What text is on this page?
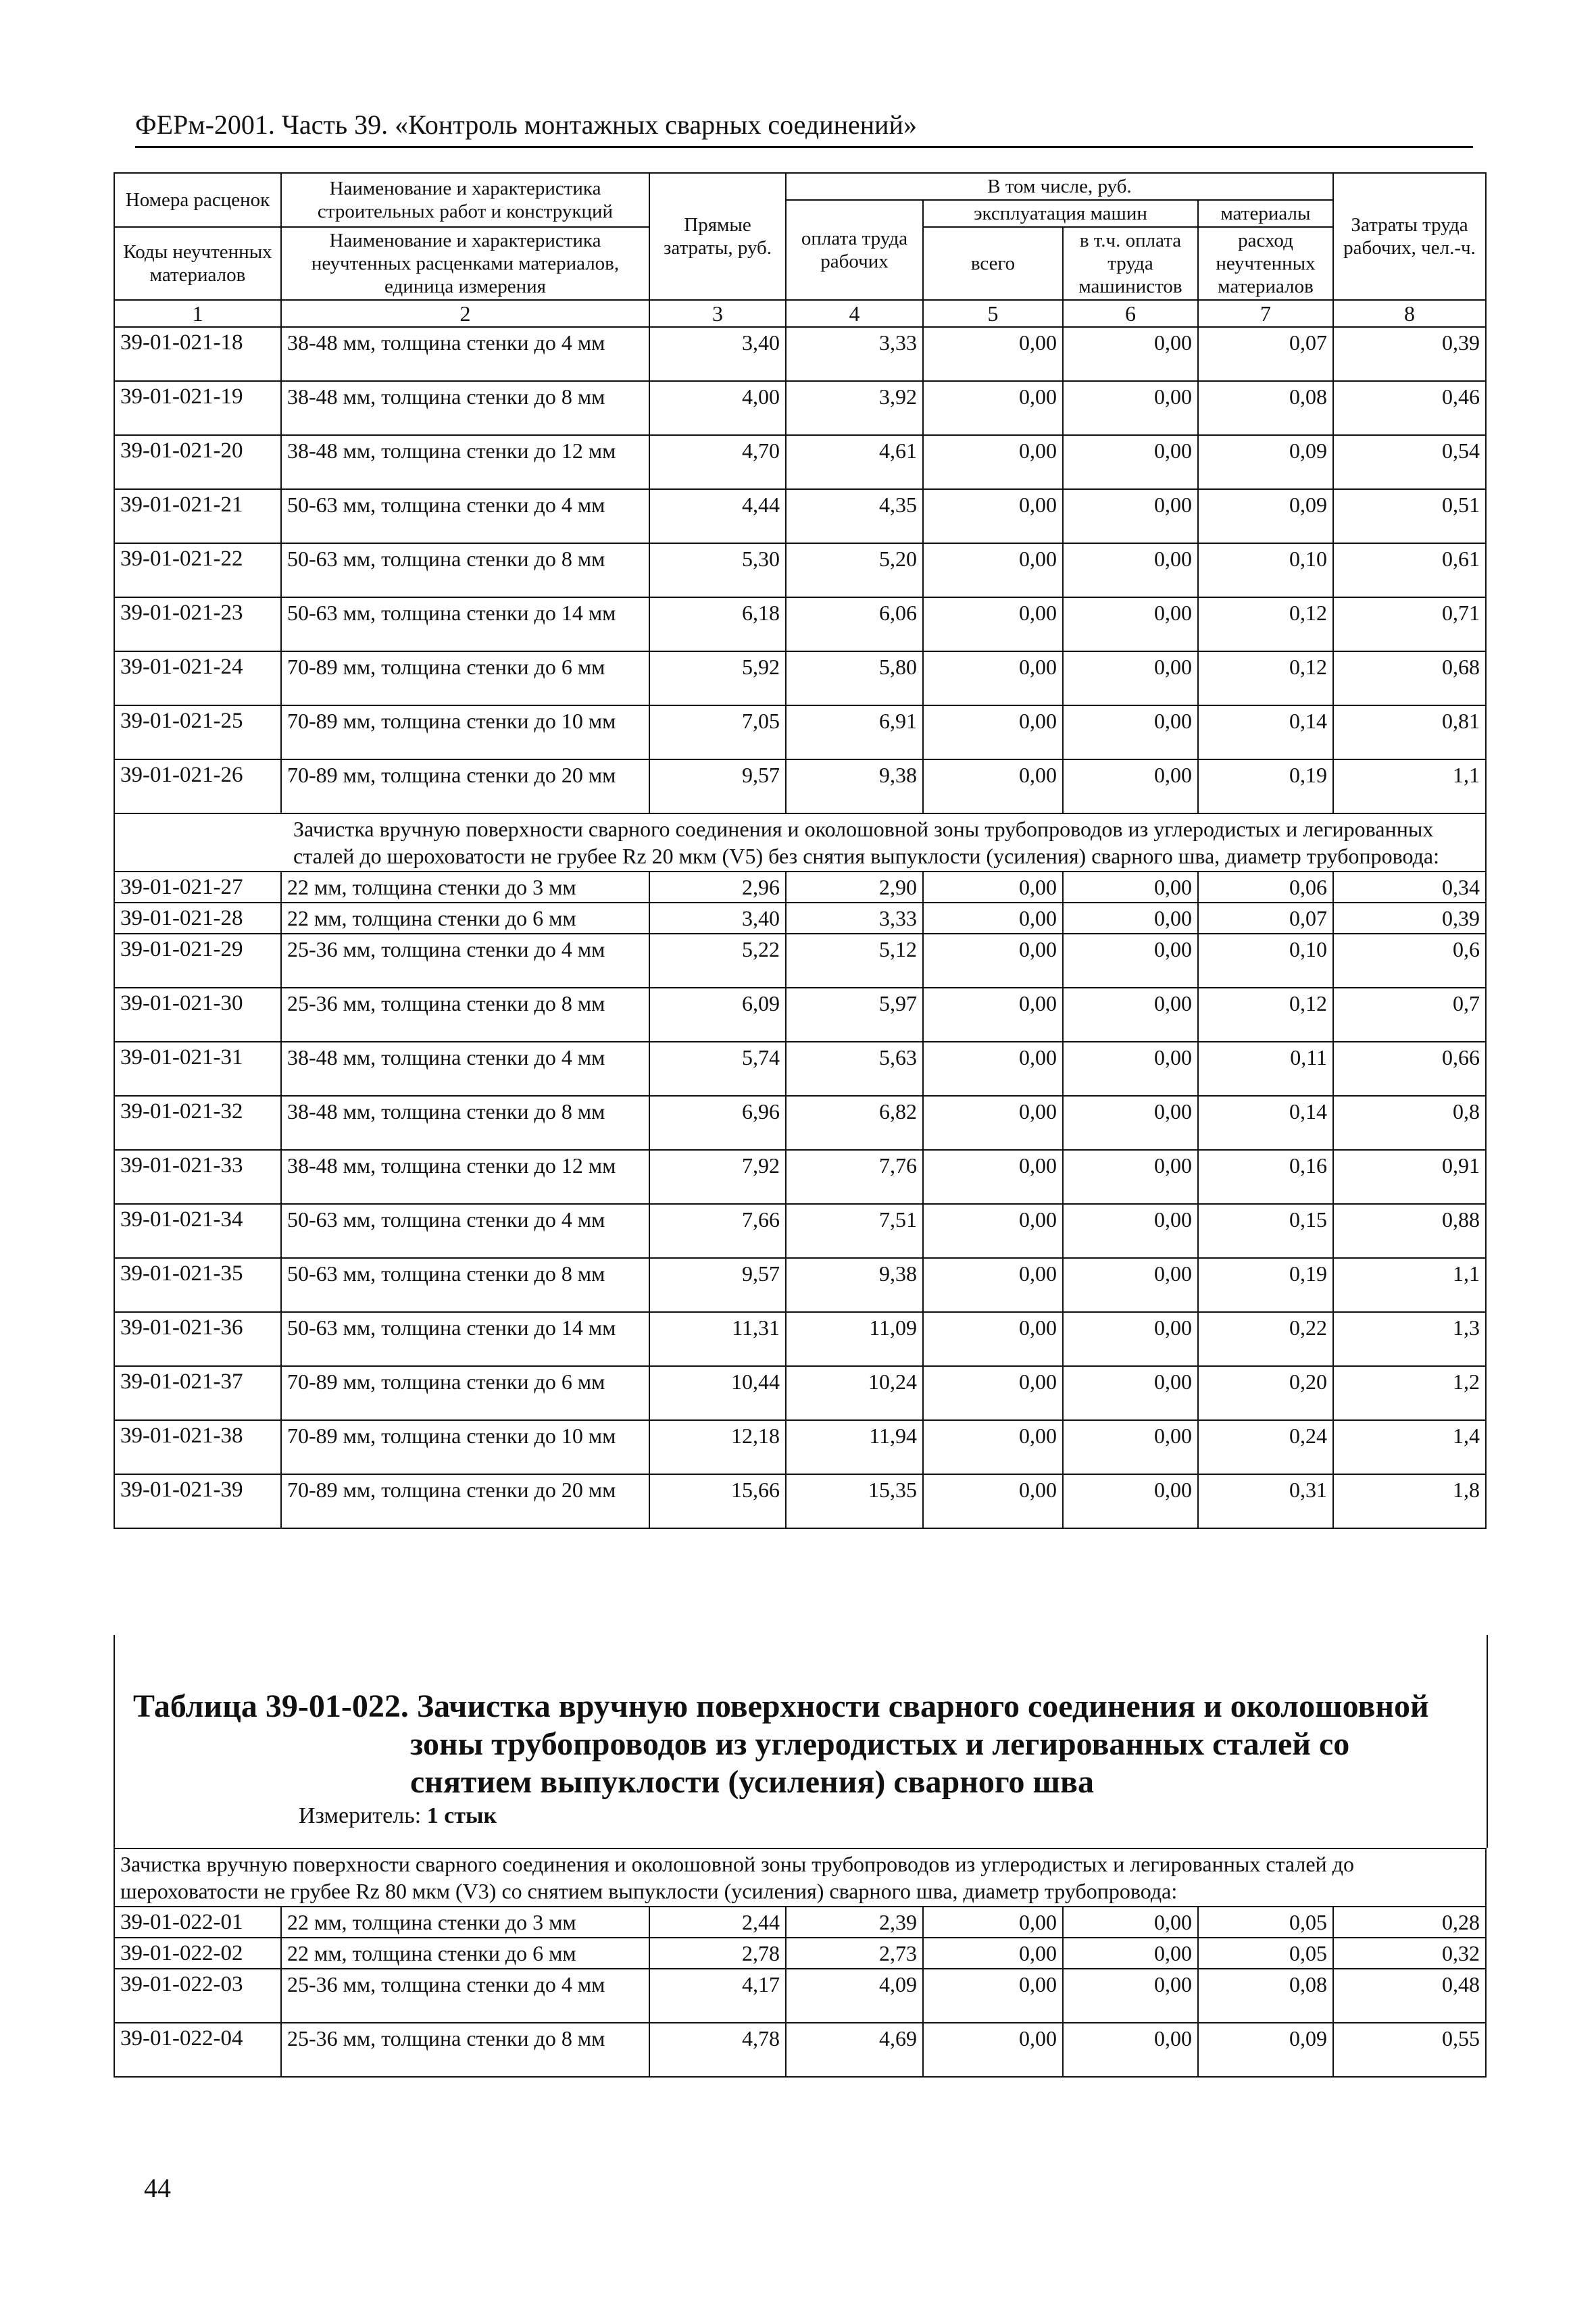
ФЕРм-2001. Часть 39. «Контроль монтажных сварных соединений»
Номера расценок	Наименование и характеристика строительных работ и конструкций	Прямые затраты, руб.	В том числе, руб.				Затраты труда рабочих, чел.-ч.
			оплата труда рабочих	эксплуатация машин		материалы	
Коды неучтенных материалов	Наименование и характеристика неучтенных расценками материалов, единица измерения			всего	в т.ч. оплата труда машинистов	расход неучтенных материалов	

1	2	3	4	5	6	7	8
39-01-021-18	38-48 мм, толщина стенки до 4 мм	3,40	3,33	0,00	0,00	0,07	0,39
39-01-021-19	38-48 мм, толщина стенки до 8 мм	4,00	3,92	0,00	0,00	0,08	0,46
39-01-021-20	38-48 мм, толщина стенки до 12 мм	4,70	4,61	0,00	0,00	0,09	0,54
39-01-021-21	50-63 мм, толщина стенки до 4 мм	4,44	4,35	0,00	0,00	0,09	0,51
39-01-021-22	50-63 мм, толщина стенки до 8 мм	5,30	5,20	0,00	0,00	0,10	0,61
39-01-021-23	50-63 мм, толщина стенки до 14 мм	6,18	6,06	0,00	0,00	0,12	0,71
39-01-021-24	70-89 мм, толщина стенки до 6 мм	5,92	5,80	0,00	0,00	0,12	0,68
39-01-021-25	70-89 мм, толщина стенки до 10 мм	7,05	6,91	0,00	0,00	0,14	0,81
39-01-021-26	70-89 мм, толщина стенки до 20 мм	9,57	9,38	0,00	0,00	0,19	1,1
Зачистка вручную поверхности сварного соединения и околошовной зоны трубопроводов из углеродистых и легированных сталей до шероховатости не грубее Rz 20 мкм (V5) без снятия выпуклости (усиления) сварного шва, диаметр трубопровода:							
39-01-021-27	22 мм, толщина стенки до 3 мм	2,96	2,90	0,00	0,00	0,06	0,34
39-01-021-28	22 мм, толщина стенки до 6 мм	3,40	3,33	0,00	0,00	0,07	0,39
39-01-021-29	25-36 мм, толщина стенки до 4 мм	5,22	5,12	0,00	0,00	0,10	0,6
39-01-021-30	25-36 мм, толщина стенки до 8 мм	6,09	5,97	0,00	0,00	0,12	0,7
39-01-021-31	38-48 мм, толщина стенки до 4 мм	5,74	5,63	0,00	0,00	0,11	0,66
39-01-021-32	38-48 мм, толщина стенки до 8 мм	6,96	6,82	0,00	0,00	0,14	0,8
39-01-021-33	38-48 мм, толщина стенки до 12 мм	7,92	7,76	0,00	0,00	0,16	0,91
39-01-021-34	50-63 мм, толщина стенки до 4 мм	7,66	7,51	0,00	0,00	0,15	0,88
39-01-021-35	50-63 мм, толщина стенки до 8 мм	9,57	9,38	0,00	0,00	0,19	1,1
39-01-021-36	50-63 мм, толщина стенки до 14 мм	11,31	11,09	0,00	0,00	0,22	1,3
39-01-021-37	70-89 мм, толщина стенки до 6 мм	10,44	10,24	0,00	0,00	0,20	1,2
39-01-021-38	70-89 мм, толщина стенки до 10 мм	12,18	11,94	0,00	0,00	0,24	1,4
39-01-021-39	70-89 мм, толщина стенки до 20 мм	15,66	15,35	0,00	0,00	0,31	1,8
Таблица 39-01-022. Зачистка вручную поверхности сварного соединения и околошовной
зоны трубопроводов из углеродистых и легированных сталей со
снятием выпуклости (усиления) сварного шва
Измеритель: 1 стык
Зачистка вручную поверхности сварного соединения и околошовной зоны трубопроводов из углеродистых и легированных сталей до шероховатости не грубее Rz 80 мкм (V3) со снятием выпуклости (усиления) сварного шва, диаметр трубопровода:							
39-01-022-01	22 мм, толщина стенки до 3 мм	2,44	2,39	0,00	0,00	0,05	0,28
39-01-022-02	22 мм, толщина стенки до 6 мм	2,78	2,73	0,00	0,00	0,05	0,32
39-01-022-03	25-36 мм, толщина стенки до 4 мм	4,17	4,09	0,00	0,00	0,08	0,48
39-01-022-04	25-36 мм, толщина стенки до 8 мм	4,78	4,69	0,00	0,00	0,09	0,55
44
